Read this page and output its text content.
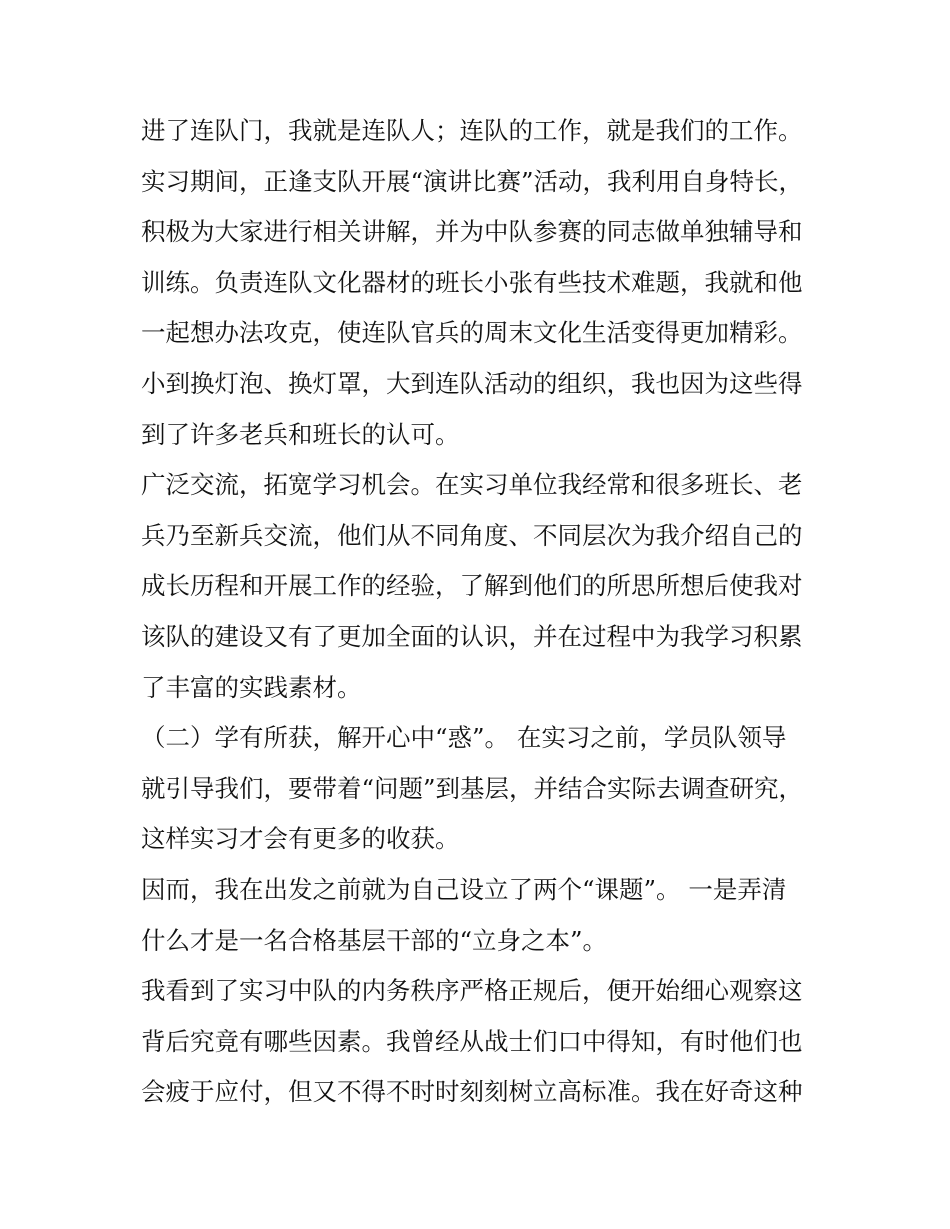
进了连队门，我就是连队人；连队的工作，就是我们的工作。
实习期间，正逢支队开展“演讲比赛”活动，我利用自身特长，
积极为大家进行相关讲解，并为中队参赛的同志做单独辅导和
训练。负责连队文化器材的班长小张有些技术难题，我就和他
一起想办法攻克，使连队官兵的周末文化生活变得更加精彩。
小到换灯泡、换灯罩，大到连队活动的组织，我也因为这些得
到了许多老兵和班长的认可。
广泛交流，拓宽学习机会。在实习单位我经常和很多班长、老
兵乃至新兵交流，他们从不同角度、不同层次为我介绍自己的
成长历程和开展工作的经验，了解到他们的所思所想后使我对
该队的建设又有了更加全面的认识，并在过程中为我学习积累
了丰富的实践素材。
（二）学有所获，解开心中“惑”。 在实习之前，学员队领导
就引导我们，要带着“问题”到基层，并结合实际去调查研究，
这样实习才会有更多的收获。
因而，我在出发之前就为自己设立了两个“课题”。 一是弄清
什么才是一名合格基层干部的“立身之本”。
我看到了实习中队的内务秩序严格正规后，便开始细心观察这
背后究竟有哪些因素。我曾经从战士们口中得知，有时他们也
会疲于应付，但又不得不时时刻刻树立高标准。我在好奇这种
